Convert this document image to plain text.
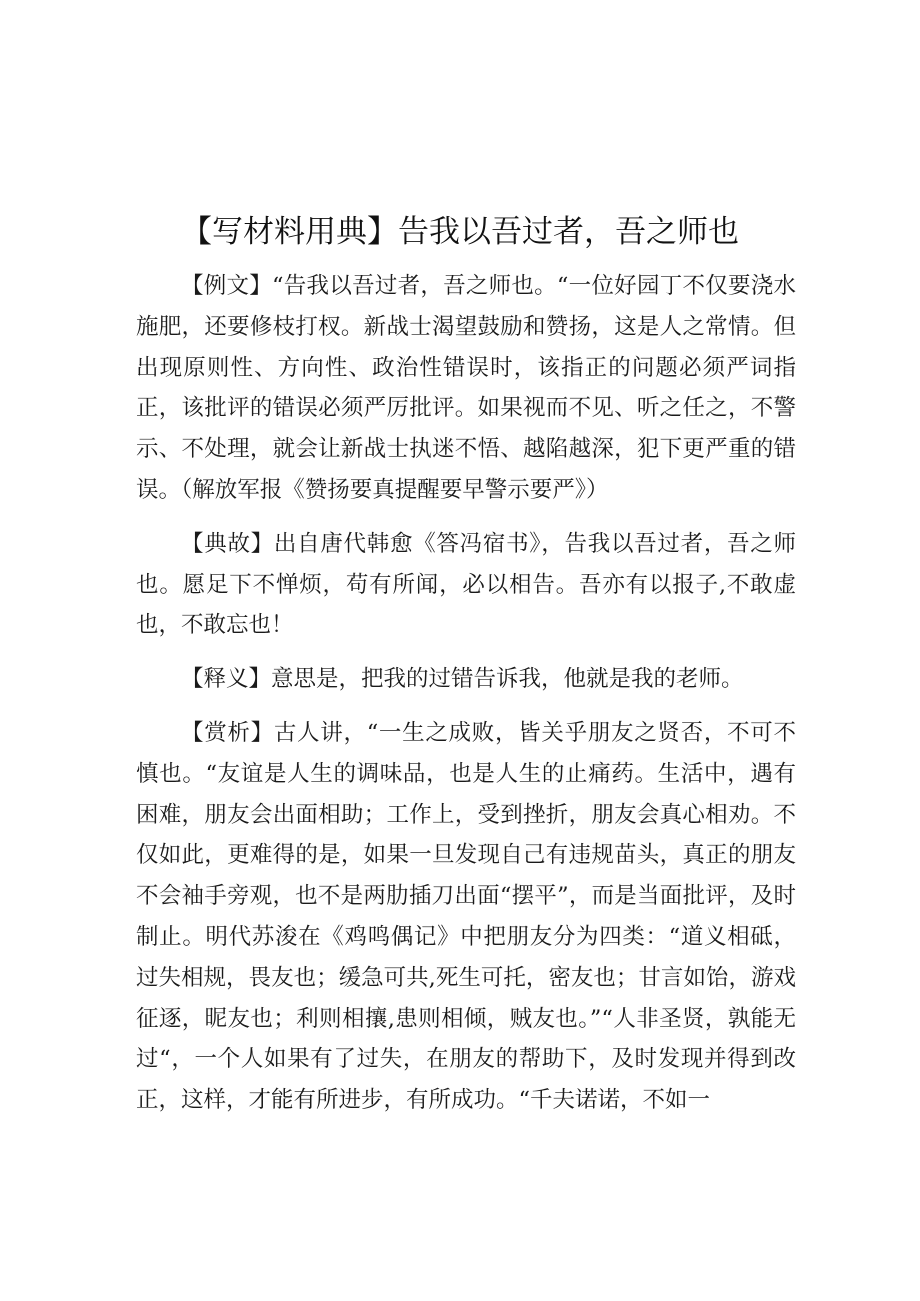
【写材料用典】告我以吾过者，吾之师也

【例文】“告我以吾过者，吾之师也。“一位好园丁不仅要浇水施肥，还要修枝打杈。新战士渴望鼓励和赞扬，这是人之常情。但出现原则性、方向性、政治性错误时，该指正的问题必须严词指正，该批评的错误必须严厉批评。如果视而不见、听之任之，不警示、不处理，就会让新战士执迷不悟、越陷越深，犯下更严重的错误。（解放军报《赞扬要真提醒要早警示要严》）

【典故】出自唐代韩愈《答冯宿书》，告我以吾过者，吾之师也。愿足下不惮烦，苟有所闻，必以相告。吾亦有以报子,不敢虚也，不敢忘也！

【释义】意思是，把我的过错告诉我，他就是我的老师。

【赏析】古人讲，“一生之成败，皆关乎朋友之贤否，不可不慎也。“友谊是人生的调味品，也是人生的止痛药。生活中，遇有困难，朋友会出面相助；工作上，受到挫折，朋友会真心相劝。不仅如此，更难得的是，如果一旦发现自己有违规苗头，真正的朋友不会袖手旁观，也不是两肋插刀出面“摆平”，而是当面批评，及时制止。明代苏浚在《鸡鸣偶记》中把朋友分为四类：“道义相砥，过失相规，畏友也；缓急可共,死生可托，密友也；甘言如饴，游戏征逐，昵友也；利则相攘,患则相倾，贼友也。”“人非圣贤，孰能无过“，一个人如果有了过失，在朋友的帮助下，及时发现并得到改正，这样，才能有所进步，有所成功。“千夫诺诺，不如一
